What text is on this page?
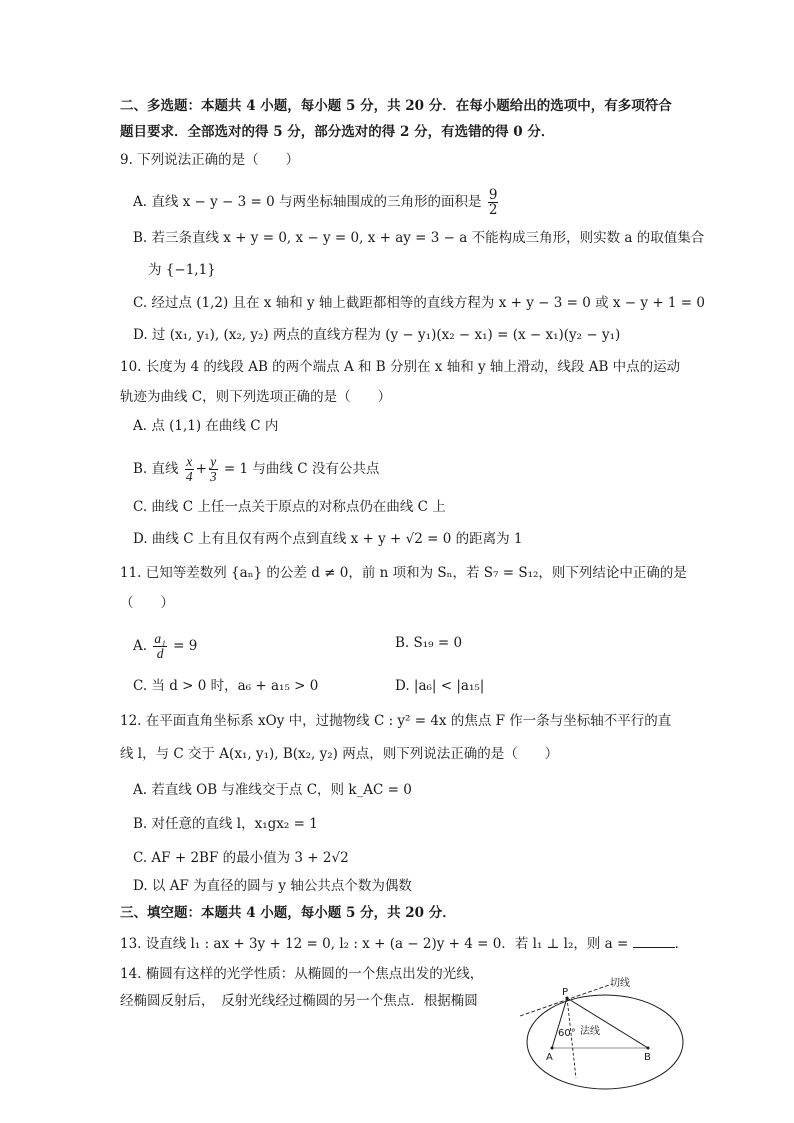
二、多选题：本题共 4 小题，每小题 5 分，共 20 分．在每小题给出的选项中，有多项符合
题目要求．全部选对的得 5 分，部分选对的得 2 分，有选错的得 0 分．
9. 下列说法正确的是（　　）
A. 直线 x − y − 3 = 0 与两坐标轴围成的三角形的面积是 $\frac{9}{2}$
B. 若三条直线 x + y = 0, x − y = 0, x + ay = 3 − a 不能构成三角形，则实数 a 的取值集合
为 {−1,1}
C. 经过点 (1,2) 且在 x 轴和 y 轴上截距都相等的直线方程为 x + y − 3 = 0 或 x − y + 1 = 0
D. 过 (x₁, y₁), (x₂, y₂) 两点的直线方程为 (y − y₁)(x₂ − x₁) = (x − x₁)(y₂ − y₁)
10. 长度为 4 的线段 AB 的两个端点 A 和 B 分别在 x 轴和 y 轴上滑动，线段 AB 中点的运动
轨迹为曲线 C，则下列选项正确的是（　　）
A. 点 (1,1) 在曲线 C 内
B. 直线 $\frac{x}{4} + \frac{y}{3} = 1$ 与曲线 C 没有公共点
C. 曲线 C 上任一点关于原点的对称点仍在曲线 C 上
D. 曲线 C 上有且仅有两个点到直线 x + y + √2 = 0 的距离为 1
11. 已知等差数列 {aₙ} 的公差 d ≠ 0，前 n 项和为 Sₙ，若 S₇ = S₁₂，则下列结论中正确的是
（　　）
A. $\frac{\text{a₁}}{d} = 9$	B. S₁₉ = 0
C. 当 d > 0 时，a₆ + a₁₅ > 0	D. |a₆| < |a₁₅|
12. 在平面直角坐标系 xOy 中，过抛物线 C : y² = 4x 的焦点 F 作一条与坐标轴不平行的直
线 l，与 C 交于 A(x₁, y₁), B(x₂, y₂) 两点，则下列说法正确的是（　　）
A. 若直线 OB 与准线交于点 C，则 k_AC = 0
B. 对任意的直线 l，x₁gx₂ = 1
C. AF + 2BF 的最小值为 3 + 2√2
D. 以 AF 为直径的圆与 y 轴公共点个数为偶数
三、填空题：本题共 4 小题，每小题 5 分，共 20 分．
13. 设直线 l₁ : ax + 3y + 12 = 0, l₂ : x + (a − 2)y + 4 = 0．若 l₁ ⊥ l₂，则 a =	．
14. 椭圆有这样的光学性质：从椭圆的一个焦点出发的光线，
经椭圆反射后，　反射光线经过椭圆的另一个焦点．根据椭圆
切线
法线
P
A	B
60°
